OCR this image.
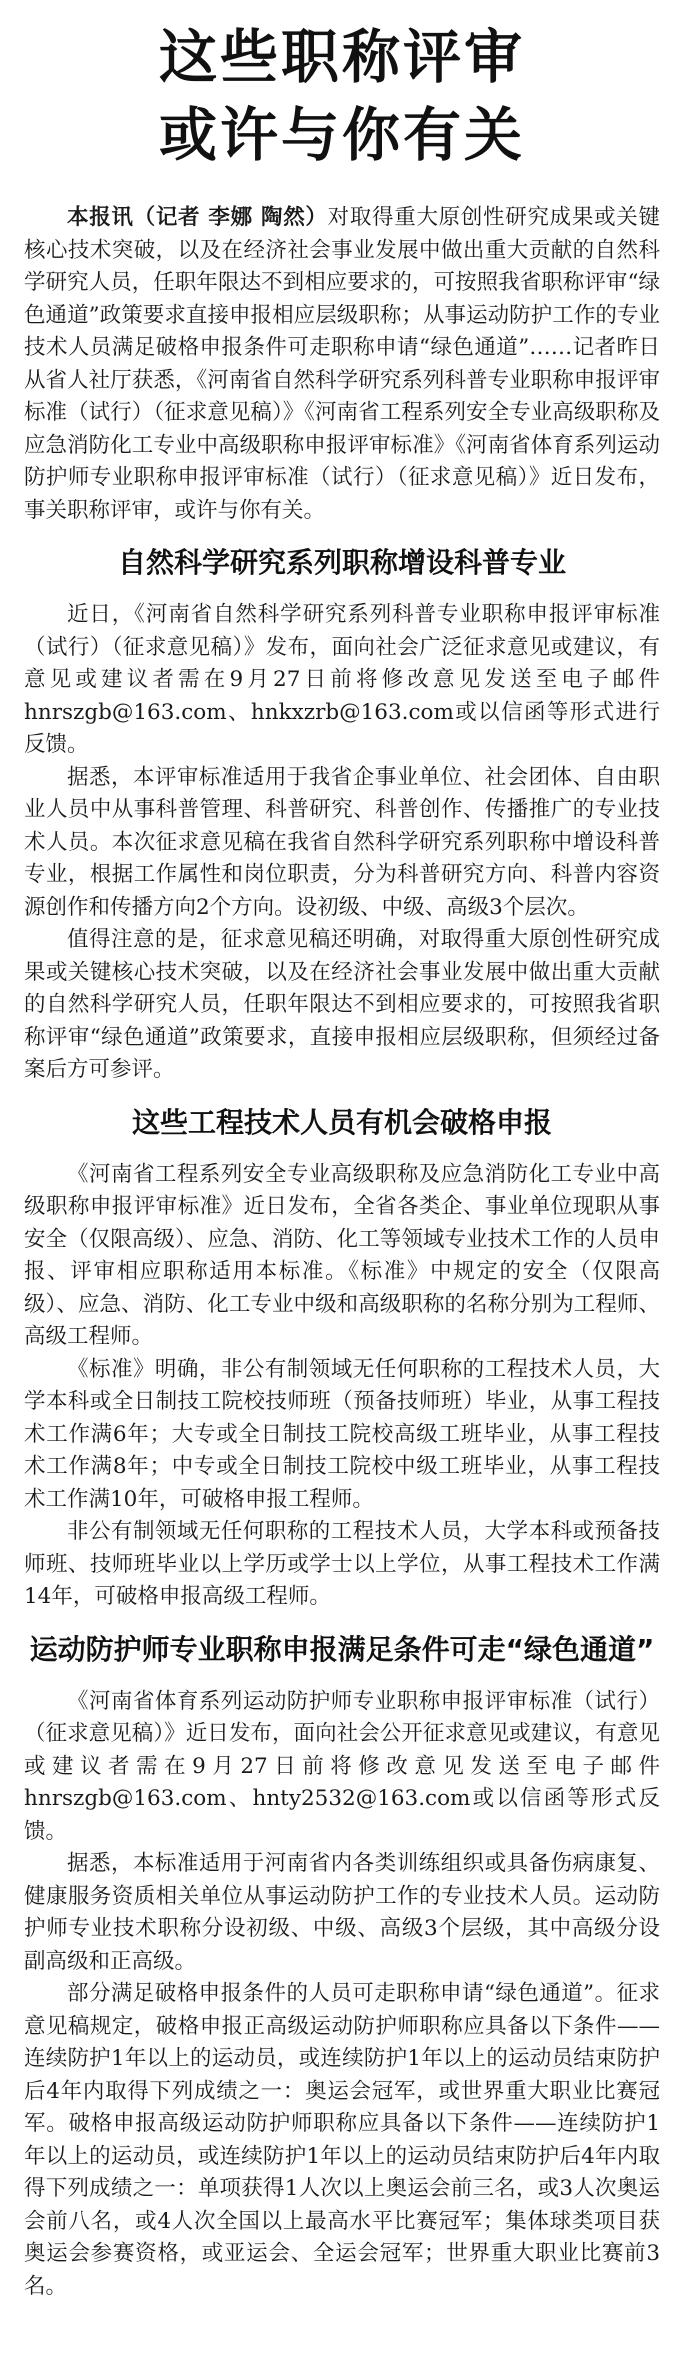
这些职称评审
或许与你有关

本报讯（记者 李娜 陶然）对取得重大原创性研究成果或关键核心技术突破，以及在经济社会事业发展中做出重大贡献的自然科学研究人员，任职年限达不到相应要求的，可按照我省职称评审“绿色通道”政策要求直接申报相应层级职称；从事运动防护工作的专业技术人员满足破格申报条件可走职称申请“绿色通道”……记者昨日从省人社厅获悉，《河南省自然科学研究系列科普专业职称申报评审标准（试行）（征求意见稿）》《河南省工程系列安全专业高级职称及应急消防化工专业中高级职称申报评审标准》《河南省体育系列运动防护师专业职称申报评审标准（试行）（征求意见稿）》近日发布，事关职称评审，或许与你有关。

自然科学研究系列职称增设科普专业

近日，《河南省自然科学研究系列科普专业职称申报评审标准（试行）（征求意见稿）》发布，面向社会广泛征求意见或建议，有意见或建议者需在9月27日前将修改意见发送至电子邮件hnrszgb@163.com、hnkxzrb@163.com或以信函等形式进行反馈。

据悉，本评审标准适用于我省企事业单位、社会团体、自由职业人员中从事科普管理、科普研究、科普创作、传播推广的专业技术人员。本次征求意见稿在我省自然科学研究系列职称中增设科普专业，根据工作属性和岗位职责，分为科普研究方向、科普内容资源创作和传播方向2个方向。设初级、中级、高级3个层次。

值得注意的是，征求意见稿还明确，对取得重大原创性研究成果或关键核心技术突破，以及在经济社会事业发展中做出重大贡献的自然科学研究人员，任职年限达不到相应要求的，可按照我省职称评审“绿色通道”政策要求，直接申报相应层级职称，但须经过备案后方可参评。

这些工程技术人员有机会破格申报

《河南省工程系列安全专业高级职称及应急消防化工专业中高级职称申报评审标准》近日发布，全省各类企、事业单位现职从事安全（仅限高级）、应急、消防、化工等领域专业技术工作的人员申报、评审相应职称适用本标准。《标准》中规定的安全（仅限高级）、应急、消防、化工专业中级和高级职称的名称分别为工程师、高级工程师。

《标准》明确，非公有制领域无任何职称的工程技术人员，大学本科或全日制技工院校技师班（预备技师班）毕业，从事工程技术工作满6年；大专或全日制技工院校高级工班毕业，从事工程技术工作满8年；中专或全日制技工院校中级工班毕业，从事工程技术工作满10年，可破格申报工程师。

非公有制领域无任何职称的工程技术人员，大学本科或预备技师班、技师班毕业以上学历或学士以上学位，从事工程技术工作满14年，可破格申报高级工程师。

运动防护师专业职称申报满足条件可走“绿色通道”

《河南省体育系列运动防护师专业职称申报评审标准（试行）（征求意见稿）》近日发布，面向社会公开征求意见或建议，有意见或建议者需在9月27日前将修改意见发送至电子邮件hnrszgb@163.com、hnty2532@163.com或以信函等形式反馈。

据悉，本标准适用于河南省内各类训练组织或具备伤病康复、健康服务资质相关单位从事运动防护工作的专业技术人员。运动防护师专业技术职称分设初级、中级、高级3个层级，其中高级分设副高级和正高级。

部分满足破格申报条件的人员可走职称申请“绿色通道”。征求意见稿规定，破格申报正高级运动防护师职称应具备以下条件——连续防护1年以上的运动员，或连续防护1年以上的运动员结束防护后4年内取得下列成绩之一：奥运会冠军，或世界重大职业比赛冠军。破格申报高级运动防护师职称应具备以下条件——连续防护1年以上的运动员，或连续防护1年以上的运动员结束防护后4年内取得下列成绩之一：单项获得1人次以上奥运会前三名，或3人次奥运会前八名，或4人次全国以上最高水平比赛冠军；集体球类项目获奥运会参赛资格，或亚运会、全运会冠军；世界重大职业比赛前3名。
